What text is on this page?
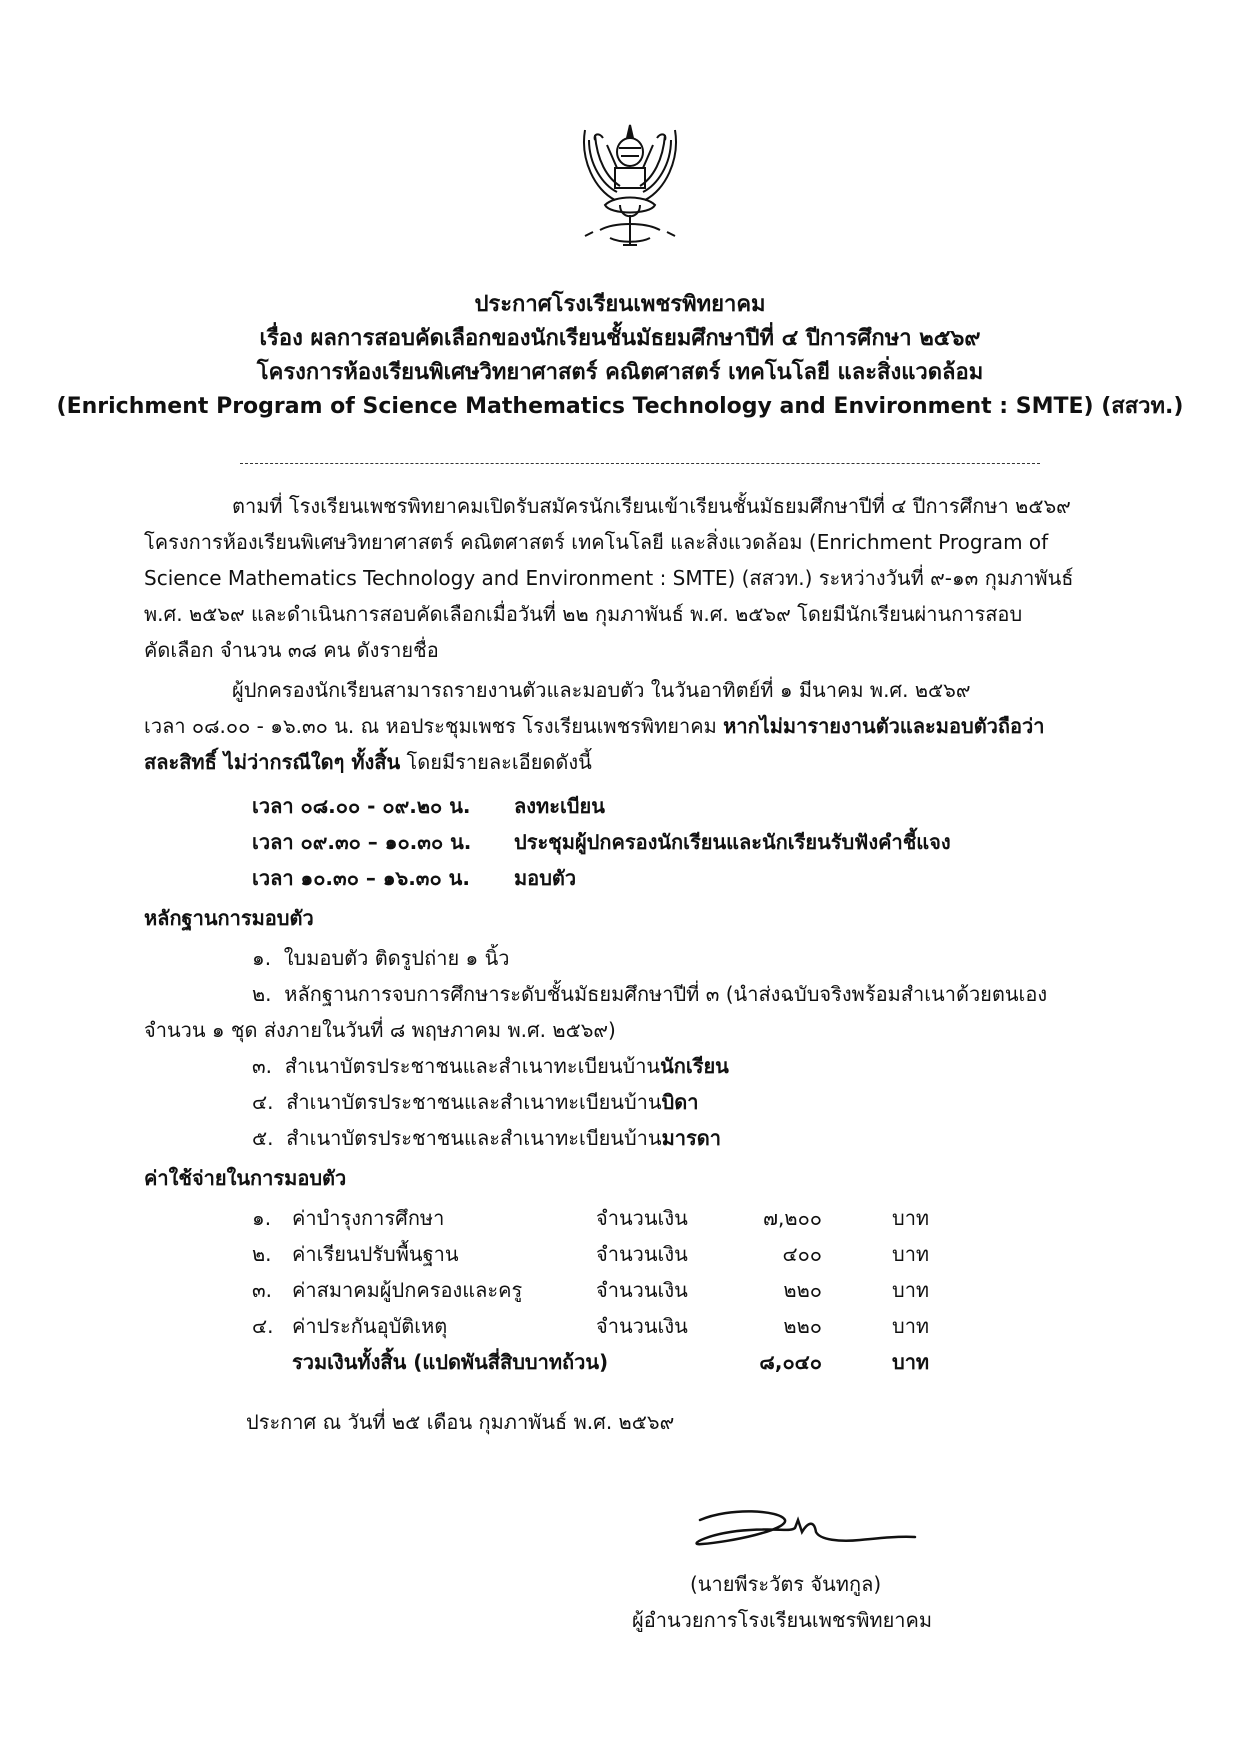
ประกาศโรงเรียนเพชรพิทยาคม
เรื่อง ผลการสอบคัดเลือกของนักเรียนชั้นมัธยมศึกษาปีที่ ๔ ปีการศึกษา ๒๕๖๙
โครงการห้องเรียนพิเศษวิทยาศาสตร์ คณิตศาสตร์ เทคโนโลยี และสิ่งแวดล้อม
(Enrichment Program of Science Mathematics Technology and Environment : SMTE) (สสวท.)
ตามที่ โรงเรียนเพชรพิทยาคมเปิดรับสมัครนักเรียนเข้าเรียนชั้นมัธยมศึกษาปีที่ ๔ ปีการศึกษา ๒๕๖๙
โครงการห้องเรียนพิเศษวิทยาศาสตร์ คณิตศาสตร์ เทคโนโลยี และสิ่งแวดล้อม (Enrichment Program of
Science Mathematics Technology and Environment : SMTE) (สสวท.) ระหว่างวันที่ ๙-๑๓ กุมภาพันธ์
พ.ศ. ๒๕๖๙ และดำเนินการสอบคัดเลือกเมื่อวันที่ ๒๒ กุมภาพันธ์ พ.ศ. ๒๕๖๙ โดยมีนักเรียนผ่านการสอบ
คัดเลือก จำนวน ๓๘ คน ดังรายชื่อ
ผู้ปกครองนักเรียนสามารถรายงานตัวและมอบตัว ในวันอาทิตย์ที่ ๑ มีนาคม พ.ศ. ๒๕๖๙
เวลา ๐๘.๐๐ - ๑๖.๓๐ น. ณ หอประชุมเพชร โรงเรียนเพชรพิทยาคม หากไม่มารายงานตัวและมอบตัวถือว่า
สละสิทธิ์ ไม่ว่ากรณีใดๆ ทั้งสิ้น โดยมีรายละเอียดดังนี้
เวลา ๐๘.๐๐ - ๐๙.๒๐ น. ลงทะเบียน
เวลา ๐๙.๓๐ – ๑๐.๓๐ น. ประชุมผู้ปกครองนักเรียนและนักเรียนรับฟังคำชี้แจง
เวลา ๑๐.๓๐ – ๑๖.๓๐ น. มอบตัว
หลักฐานการมอบตัว
๑. ใบมอบตัว ติดรูปถ่าย ๑ นิ้ว
๒. หลักฐานการจบการศึกษาระดับชั้นมัธยมศึกษาปีที่ ๓ (นำส่งฉบับจริงพร้อมสำเนาด้วยตนเอง
จำนวน ๑ ชุด ส่งภายในวันที่ ๘ พฤษภาคม พ.ศ. ๒๕๖๙)
๓. สำเนาบัตรประชาชนและสำเนาทะเบียนบ้านนักเรียน
๔. สำเนาบัตรประชาชนและสำเนาทะเบียนบ้านบิดา
๕. สำเนาบัตรประชาชนและสำเนาทะเบียนบ้านมารดา
ค่าใช้จ่ายในการมอบตัว
๑. ค่าบำรุงการศึกษา	จำนวนเงิน	๗,๒๐๐	บาท
๒. ค่าเรียนปรับพื้นฐาน	จำนวนเงิน	๔๐๐	บาท
๓. ค่าสมาคมผู้ปกครองและครู	จำนวนเงิน	๒๒๐	บาท
๔. ค่าประกันอุบัติเหตุ	จำนวนเงิน	๒๒๐	บาท
รวมเงินทั้งสิ้น (แปดพันสี่สิบบาทถ้วน)	๘,๐๔๐	บาท
ประกาศ ณ วันที่ ๒๕ เดือน กุมภาพันธ์ พ.ศ. ๒๕๖๙
(นายพีระวัตร จันทกูล)
ผู้อำนวยการโรงเรียนเพชรพิทยาคม
